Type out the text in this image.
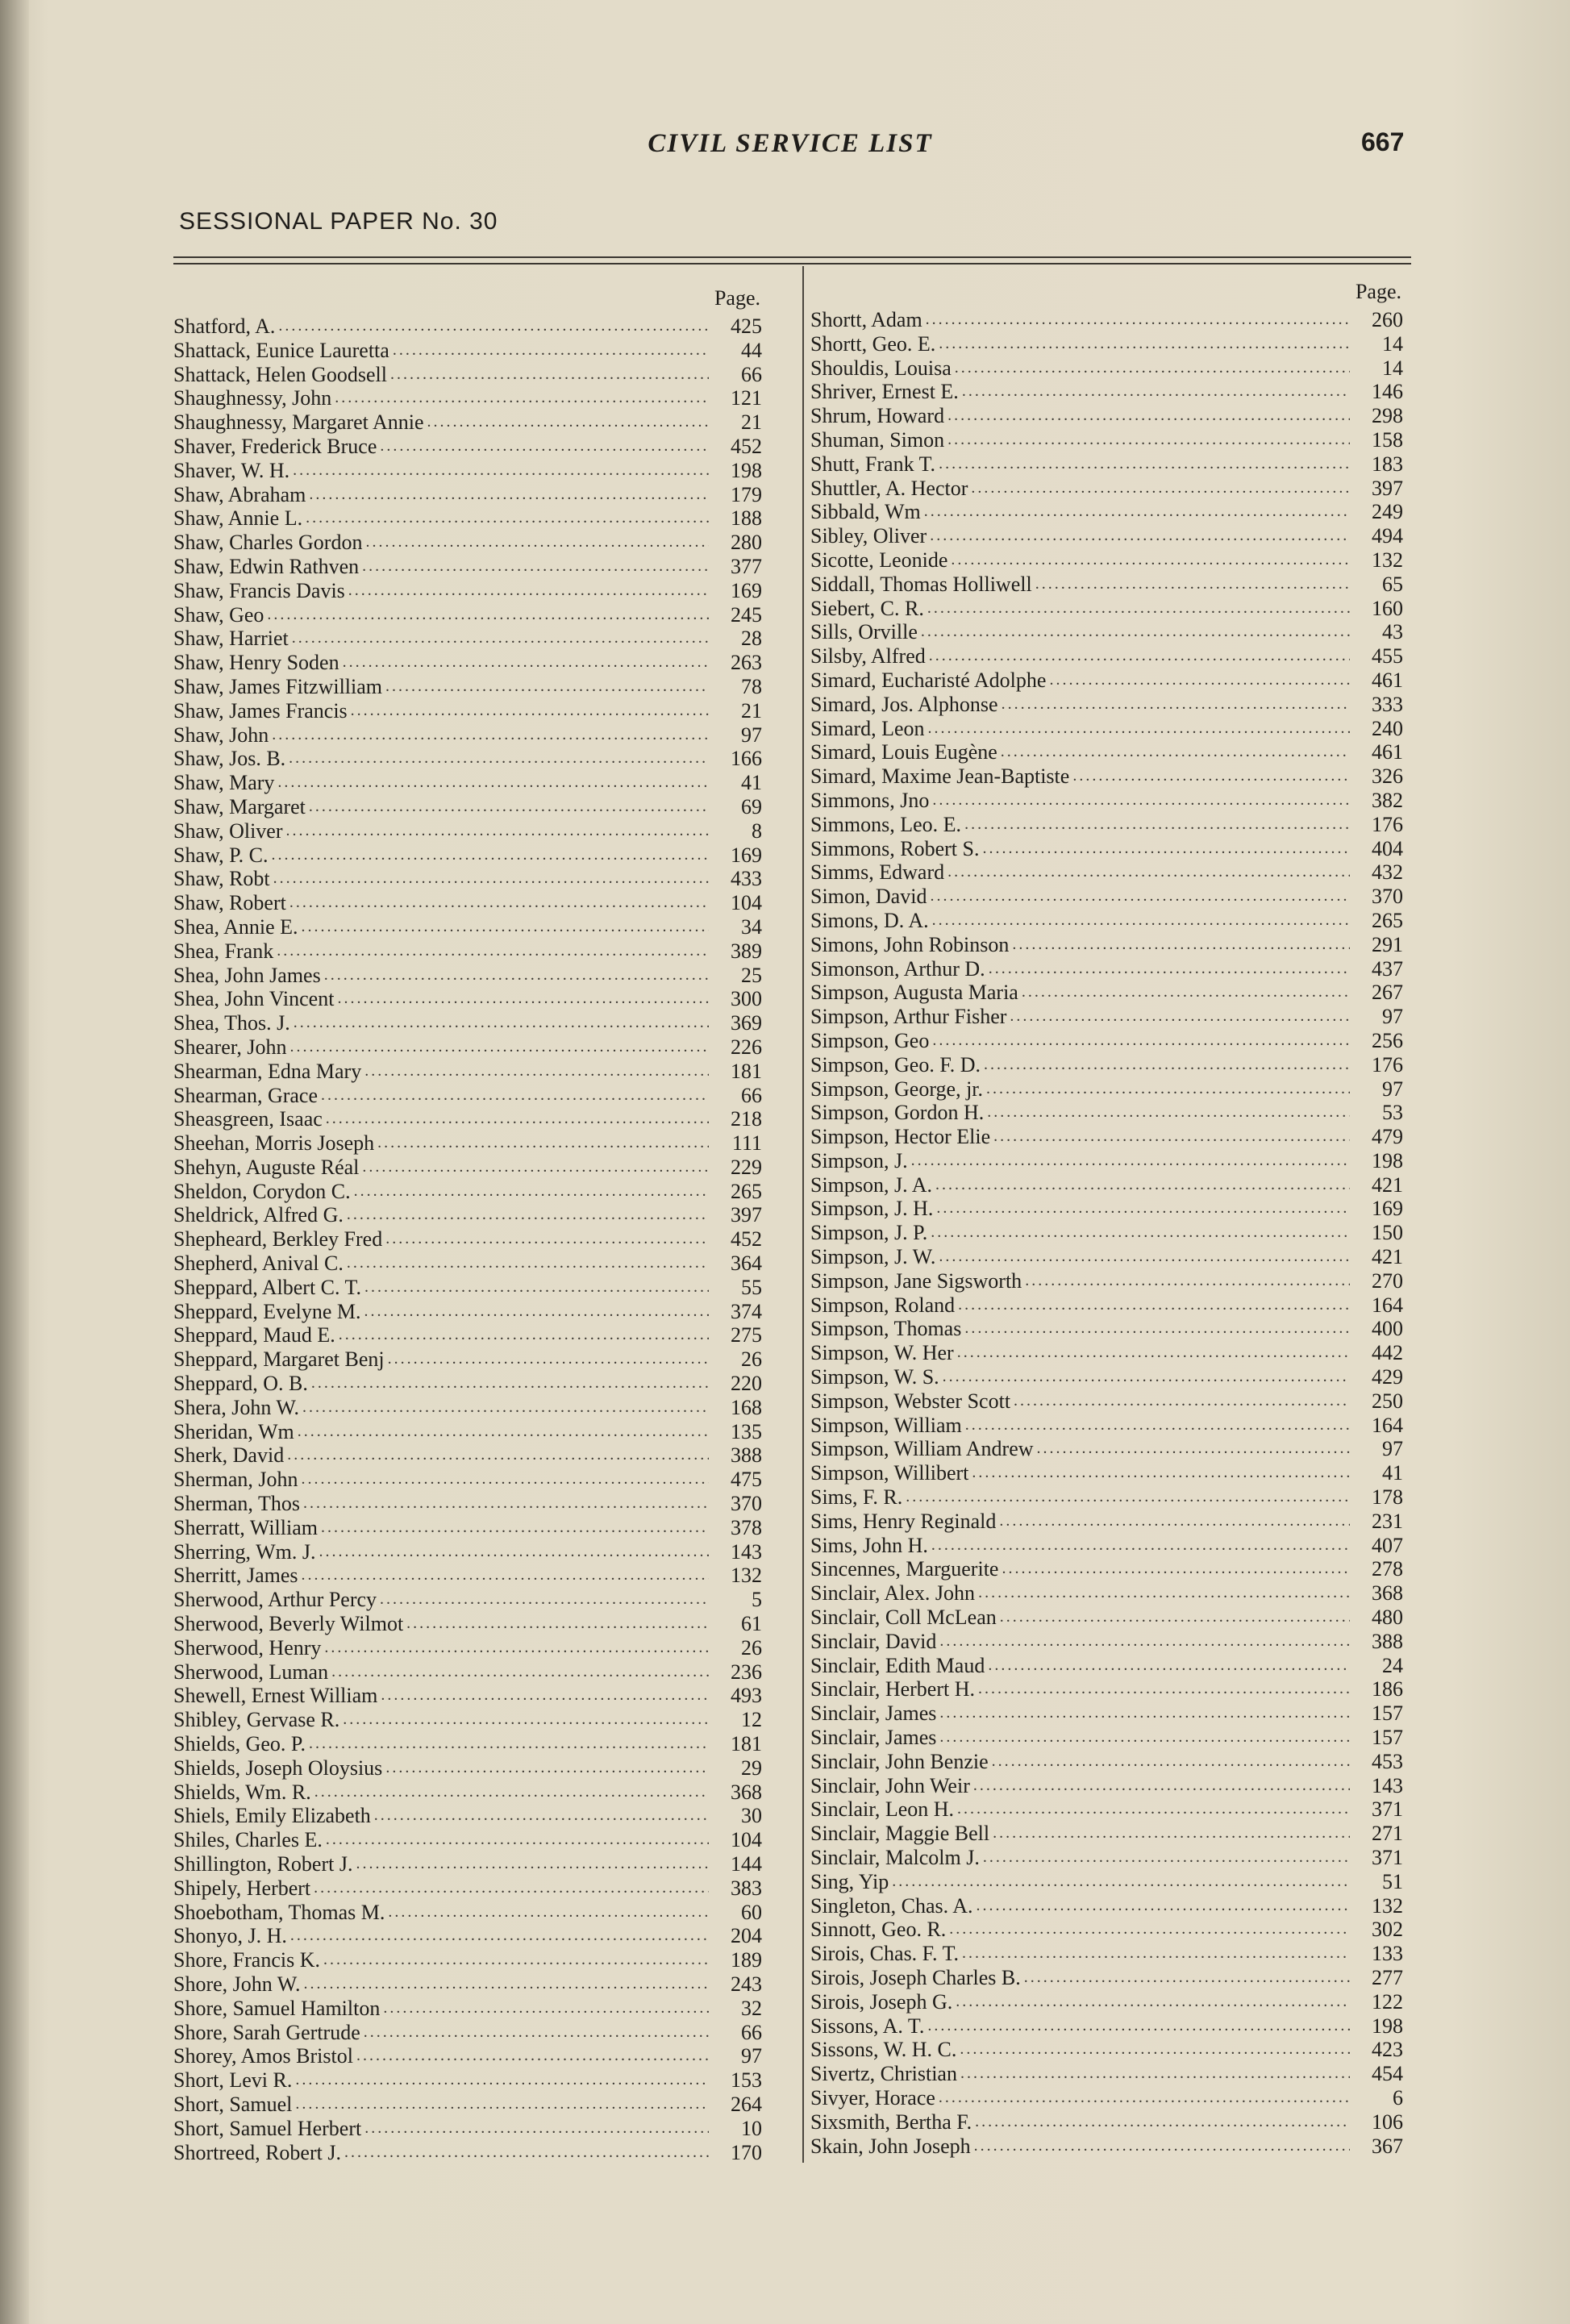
CIVIL SERVICE LIST	667
SESSIONAL PAPER No. 30
Page.
Shatford, A. .....	425
Shattack, Eunice Lauretta .....	44
Shattack, Helen Goodsell .....	66
Shaughnessy, John .....	121
Shaughnessy, Margaret Annie .....	21
Shaver, Frederick Bruce .....	452
Shaver, W. H. .....	198
Shaw, Abraham .....	179
Shaw, Annie L. .....	188
Shaw, Charles Gordon .....	280
Shaw, Edwin Rathven .....	377
Shaw, Francis Davis .....	169
Shaw, Geo .....	245
Shaw, Harriet .....	28
Shaw, Henry Soden .....	263
Shaw, James Fitzwilliam .....	78
Shaw, James Francis .....	21
Shaw, John .....	97
Shaw, Jos. B. .....	166
Shaw, Mary .....	41
Shaw, Margaret .....	69
Shaw, Oliver .....	8
Shaw, P. C. .....	169
Shaw, Robt .....	433
Shaw, Robert .....	104
Shea, Annie E. .....	34
Shea, Frank .....	389
Shea, John James .....	25
Shea, John Vincent .....	300
Shea, Thos. J. .....	369
Shearer, John .....	226
Shearman, Edna Mary .....	181
Shearman, Grace .....	66
Sheasgreen, Isaac .....	218
Sheehan, Morris Joseph .....	111
Shehyn, Auguste Réal .....	229
Sheldon, Corydon C. .....	265
Sheldrick, Alfred G. .....	397
Shepheard, Berkley Fred .....	452
Shepherd, Anival C. .....	364
Sheppard, Albert C. T. .....	55
Sheppard, Evelyne M. .....	374
Sheppard, Maud E. .....	275
Sheppard, Margaret Benj .....	26
Sheppard, O. B. .....	220
Shera, John W. .....	168
Sheridan, Wm .....	135
Sherk, David .....	388
Sherman, John .....	475
Sherman, Thos .....	370
Sherratt, William .....	378
Sherring, Wm. J. .....	143
Sherritt, James .....	132
Sherwood, Arthur Percy .....	5
Sherwood, Beverly Wilmot .....	61
Sherwood, Henry .....	26
Sherwood, Luman .....	236
Shewell, Ernest William .....	493
Shibley, Gervase R. .....	12
Shields, Geo. P. .....	181
Shields, Joseph Oloysius .....	29
Shields, Wm. R. .....	368
Shiels, Emily Elizabeth .....	30
Shiles, Charles E. .....	104
Shillington, Robert J. .....	144
Shipely, Herbert .....	383
Shoebotham, Thomas M. .....	60
Shonyo, J. H. .....	204
Shore, Francis K. .....	189
Shore, John W. .....	243
Shore, Samuel Hamilton .....	32
Shore, Sarah Gertrude .....	66
Shorey, Amos Bristol .....	97
Short, Levi R. .....	153
Short, Samuel .....	264
Short, Samuel Herbert .....	10
Shortreed, Robert J. .....	170
Page.
Shortt, Adam .....	260
Shortt, Geo. E. .....	14
Shouldis, Louisa .....	14
Shriver, Ernest E. .....	146
Shrum, Howard .....	298
Shuman, Simon .....	158
Shutt, Frank T. .....	183
Shuttler, A. Hector .....	397
Sibbald, Wm .....	249
Sibley, Oliver .....	494
Sicotte, Leonide .....	132
Siddall, Thomas Holliwell .....	65
Siebert, C. R. .....	160
Sills, Orville .....	43
Silsby, Alfred .....	455
Simard, Eucharisté Adolphe .....	461
Simard, Jos. Alphonse .....	333
Simard, Leon .....	240
Simard, Louis Eugène .....	461
Simard, Maxime Jean-Baptiste .....	326
Simmons, Jno .....	382
Simmons, Leo. E. .....	176
Simmons, Robert S. .....	404
Simms, Edward .....	432
Simon, David .....	370
Simons, D. A. .....	265
Simons, John Robinson .....	291
Simonson, Arthur D. .....	437
Simpson, Augusta Maria .....	267
Simpson, Arthur Fisher .....	97
Simpson, Geo .....	256
Simpson, Geo. F. D. .....	176
Simpson, George, jr. .....	97
Simpson, Gordon H. .....	53
Simpson, Hector Elie .....	479
Simpson, J. .....	198
Simpson, J. A. .....	421
Simpson, J. H. .....	169
Simpson, J. P. .....	150
Simpson, J. W. .....	421
Simpson, Jane Sigsworth .....	270
Simpson, Roland .....	164
Simpson, Thomas .....	400
Simpson, W. Her .....	442
Simpson, W. S. .....	429
Simpson, Webster Scott .....	250
Simpson, William .....	164
Simpson, William Andrew .....	97
Simpson, Willibert .....	41
Sims, F. R. .....	178
Sims, Henry Reginald .....	231
Sims, John H. .....	407
Sincennes, Marguerite .....	278
Sinclair, Alex. John .....	368
Sinclair, Coll McLean .....	480
Sinclair, David .....	388
Sinclair, Edith Maud .....	24
Sinclair, Herbert H. .....	186
Sinclair, James .....	157
Sinclair, James .....	157
Sinclair, John Benzie .....	453
Sinclair, John Weir .....	143
Sinclair, Leon H. .....	371
Sinclair, Maggie Bell .....	271
Sinclair, Malcolm J. .....	371
Sing, Yip .....	51
Singleton, Chas. A. .....	132
Sinnott, Geo. R. .....	302
Sirois, Chas. F. T. .....	133
Sirois, Joseph Charles B. .....	277
Sirois, Joseph G. .....	122
Sissons, A. T. .....	198
Sissons, W. H. C. .....	423
Sivertz, Christian .....	454
Sivyer, Horace .....	6
Sixsmith, Bertha F. .....	106
Skain, John Joseph .....	367
